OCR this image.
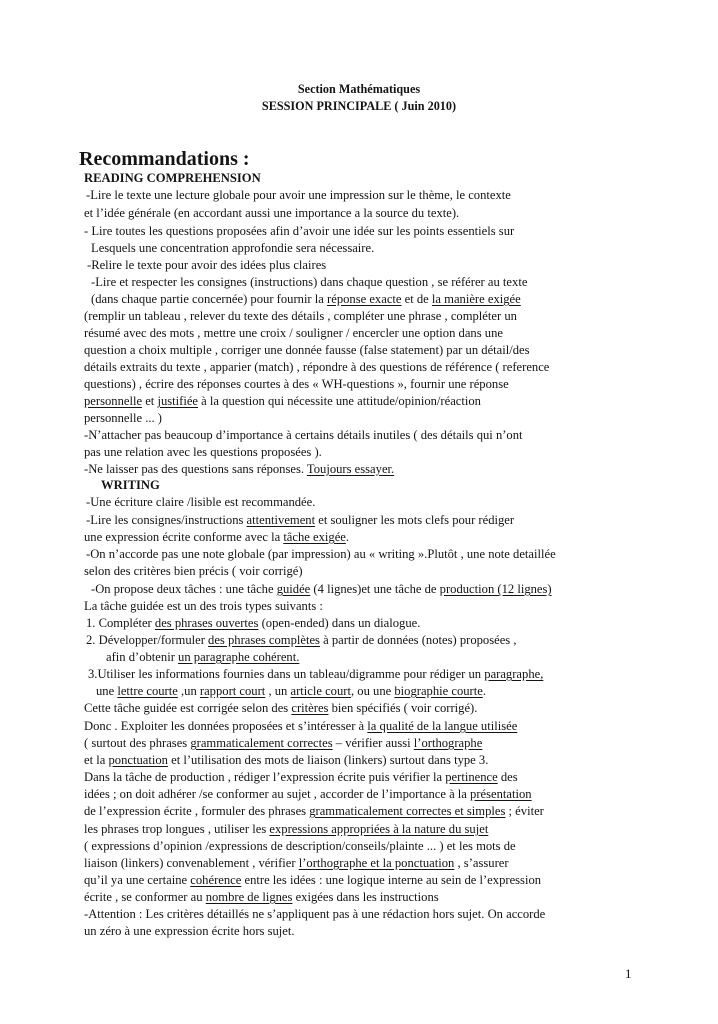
Section Mathématiques
SESSION PRINCIPALE ( Juin 2010)
Recommandations :
READING COMPREHENSION
-Lire le texte une lecture globale pour avoir une impression sur le thème, le contexte
et l’idée générale (en accordant aussi une importance a la source du texte).
- Lire toutes les questions proposées afin d’avoir une idée sur les points essentiels sur
Lesquels une concentration approfondie sera nécessaire.
-Relire le texte pour avoir des idées plus claires
-Lire et respecter les consignes (instructions) dans chaque question , se référer au texte
(dans chaque partie concernée) pour fournir la réponse exacte et de la manière exigée
(remplir un tableau , relever du texte des détails , compléter une phrase , compléter un
résumé avec des mots , mettre une croix / souligner / encercler une option dans une
question a choix multiple , corriger une donnée fausse (false statement) par un détail/des
détails extraits du texte , apparier (match) , répondre à des questions de référence ( reference
questions) , écrire des réponses courtes à des « WH-questions », fournir une réponse
personnelle et justifiée à la question qui nécessite une attitude/opinion/réaction
personnelle ... )
-N’attacher pas beaucoup d’importance à certains détails inutiles ( des détails qui n’ont
pas une relation avec les questions proposées ).
-Ne laisser pas des questions sans réponses. Toujours essayer.
WRITING
-Une écriture claire /lisible est recommandée.
-Lire les consignes/instructions attentivement et souligner les mots clefs pour rédiger
une expression écrite conforme avec la tâche exigée.
-On n’accorde pas une note globale (par impression) au « writing ».Plutôt , une note detaillée
selon des critères bien précis ( voir corrigé)
-On propose deux tâches : une tâche guidée (4 lignes)et une tâche de production (12 lignes)
La tâche guidée est un des trois types suivants :
1. Compléter des phrases ouvertes (open-ended) dans un dialogue.
2. Développer/formuler des phrases complètes à partir de données (notes) proposées ,
afin d’obtenir un paragraphe cohérent.
3.Utiliser les informations fournies dans un tableau/digramme pour rédiger un paragraphe,
une lettre courte ,un rapport court , un article court, ou une biographie courte.
Cette tâche guidée est corrigée selon des critères bien spécifiés ( voir corrigé).
Donc . Exploiter les données proposées et s’intéresser à la qualité de la langue utilisée
( surtout des phrases grammaticalement correctes – vérifier aussi l’orthographe
et la ponctuation et l’utilisation des mots de liaison (linkers) surtout dans type 3.
Dans la tâche de production , rédiger l’expression écrite puis vérifier la pertinence des
idées ; on doit adhérer /se conformer au sujet , accorder de l’importance à la présentation
de l’expression écrite , formuler des phrases grammaticalement correctes et simples ; éviter
les phrases trop longues , utiliser les expressions appropriées à la nature du sujet
( expressions d’opinion /expressions de description/conseils/plainte ... ) et les mots de
liaison (linkers) convenablement , vérifier l’orthographe et la ponctuation , s’assurer
qu’il ya une certaine cohérence entre les idées : une logique interne au sein de l’expression
écrite , se conformer au nombre de lignes exigées dans les instructions
-Attention : Les critères détaillés ne s’appliquent pas à une rédaction hors sujet. On accorde
un zéro à une expression écrite hors sujet.
1
